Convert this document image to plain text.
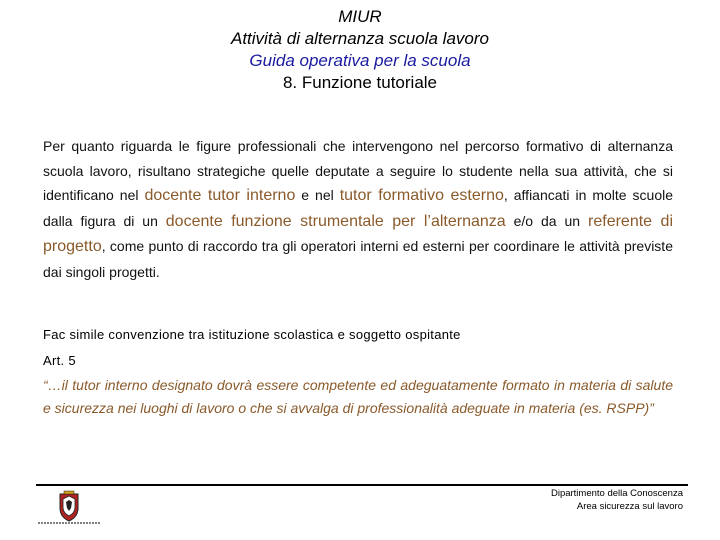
MIUR
Attività di alternanza scuola lavoro
Guida operativa per la scuola
8. Funzione tutoriale
Per quanto riguarda le figure professionali che intervengono nel percorso formativo di alternanza scuola lavoro, risultano strategiche quelle deputate a seguire lo studente nella sua attività, che si identificano nel docente tutor interno e nel tutor formativo esterno, affiancati in molte scuole dalla figura di un docente funzione strumentale per l’alternanza e/o da un referente di progetto, come punto di raccordo tra gli operatori interni ed esterni per coordinare le attività previste dai singoli progetti.
Fac simile convenzione tra istituzione scolastica e soggetto ospitante
Art. 5
“…il tutor interno designato dovrà essere competente ed adeguatamente formato in materia di salute e sicurezza nei luoghi di lavoro o che si avvalga di professionalità adeguate in materia (es. RSPP)”
Dipartimento della Conoscenza
Area sicurezza sul lavoro
